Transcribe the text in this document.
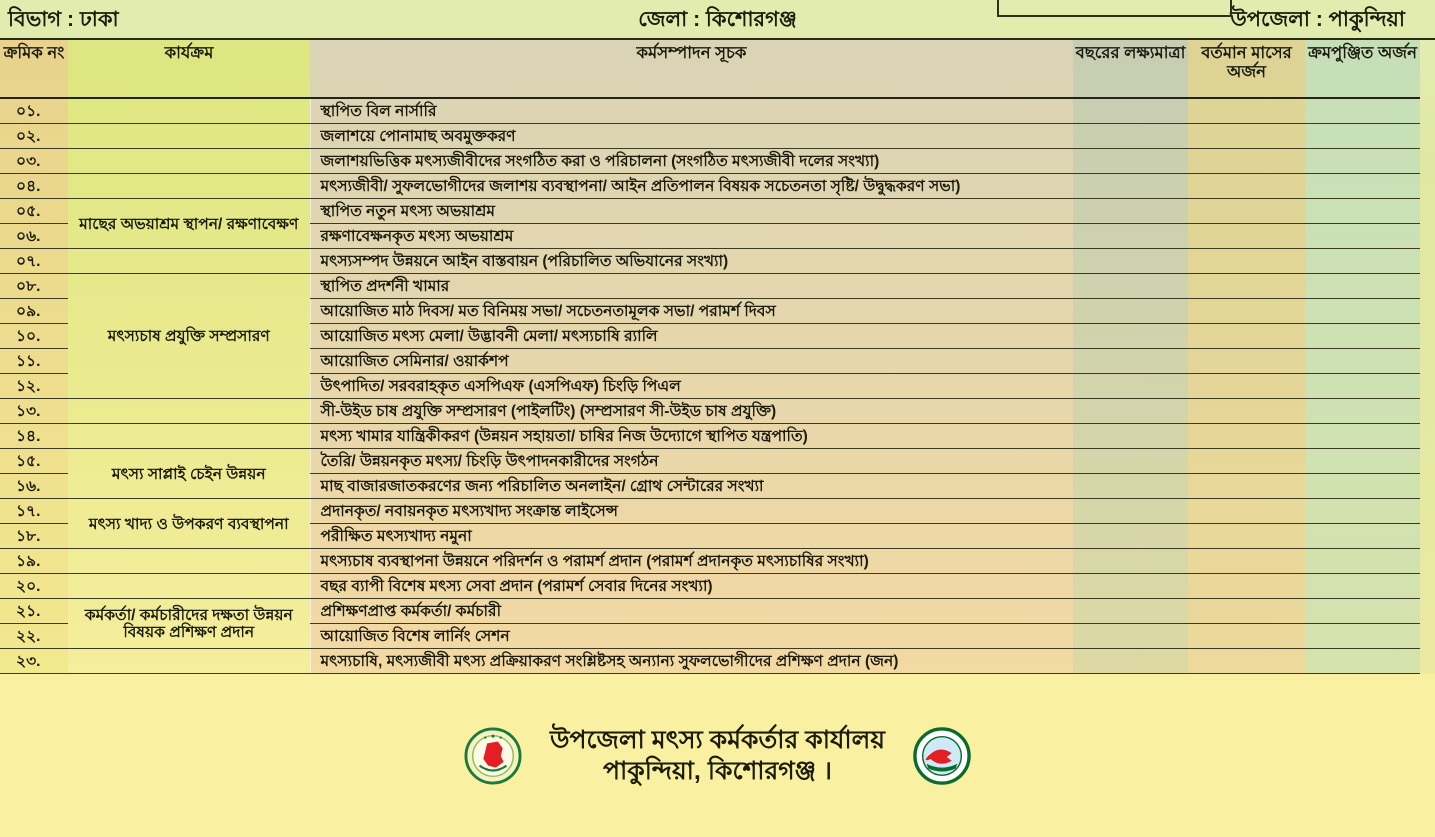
বিভাগ : ঢাকা	জেলা : কিশোরগঞ্জ	উপজেলা : পাকুন্দিয়া
ক্রমিক নং	কার্যক্রম	কর্মসম্পাদন সূচক	বছরের লক্ষ্যমাত্রা	বর্তমান মাসের অর্জন	ক্রমপুঞ্জিত অর্জন
০১.		স্থাপিত বিল নার্সারি			
০২.		জলাশয়ে পোনামাছ অবমুক্তকরণ			
০৩.		জলাশয়ভিত্তিক মৎস্যজীবীদের সংগঠিত করা ও পরিচালনা (সংগঠিত মৎস্যজীবী দলের সংখ্যা)			
০৪.		মৎস্যজীবী/ সুফলভোগীদের জলাশয় ব্যবস্থাপনা/ আইন প্রতিপালন বিষয়ক সচেতনতা সৃষ্টি/ উদ্বুদ্ধকরণ সভা)			
০৫.	মাছের অভয়াশ্রম স্থাপন/ রক্ষণাবেক্ষণ	স্থাপিত নতুন মৎস্য অভয়াশ্রম			
০৬.		রক্ষণাবেক্ষনকৃত মৎস্য অভয়াশ্রম			
০৭.		মৎস্যসম্পদ উন্নয়নে আইন বাস্তবায়ন (পরিচালিত অভিযানের সংখ্যা)			
০৮.	মৎস্যচাষ প্রযুক্তি সম্প্রসারণ	স্থাপিত প্রদর্শনী খামার			
০৯.		আয়োজিত মাঠ দিবস/ মত বিনিময় সভা/ সচেতনতামূলক সভা/ পরামর্শ দিবস			
১০.		আয়োজিত মৎস্য মেলা/ উদ্ভাবনী মেলা/ মৎস্যচাষি র‍্যালি			
১১.		আয়োজিত সেমিনার/ ওয়ার্কশপ			
১২.		উৎপাদিত/ সরবরাহকৃত এসপিএফ (এসপিএফ) চিংড়ি পিএল			
১৩.		সী-উইড চাষ প্রযুক্তি সম্প্রসারণ (পাইলটিং) (সম্প্রসারণ সী-উইড চাষ প্রযুক্তি)			
১৪.		মৎস্য খামার যান্ত্রিকীকরণ (উন্নয়ন সহায়তা/ চাষির নিজ উদ্যোগে স্থাপিত যন্ত্রপাতি)			
১৫.	মৎস্য সাপ্লাই চেইন উন্নয়ন	তৈরি/ উন্নয়নকৃত মৎস্য/ চিংড়ি উৎপাদনকারীদের সংগঠন			
১৬.		মাছ বাজারজাতকরণের জন্য পরিচালিত অনলাইন/ গ্রোথ সেন্টারের সংখ্যা			
১৭.	মৎস্য খাদ্য ও উপকরণ ব্যবস্থাপনা	প্রদানকৃত/ নবায়নকৃত মৎস্যখাদ্য সংক্রান্ত লাইসেন্স			
১৮.		পরীক্ষিত মৎস্যখাদ্য নমুনা			
১৯.		মৎস্যচাষ ব্যবস্থাপনা উন্নয়নে পরিদর্শন ও পরামর্শ প্রদান (পরামর্শ প্রদানকৃত মৎস্যচাষির সংখ্যা)			
২০.		বছর ব্যাপী বিশেষ মৎস্য সেবা প্রদান (পরামর্শ সেবার দিনের সংখ্যা)			
২১.	কর্মকর্তা/ কর্মচারীদের দক্ষতা উন্নয়ন বিষয়ক প্রশিক্ষণ প্রদান	প্রশিক্ষণপ্রাপ্ত কর্মকর্তা/ কর্মচারী			
২২.		আয়োজিত বিশেষ লার্নিং সেশন			
২৩.		মৎস্যচাষি, মৎস্যজীবী মৎস্য প্রক্রিয়াকরণ সংশ্লিষ্টসহ অন্যান্য সুফলভোগীদের প্রশিক্ষণ প্রদান (জন)			
উপজেলা মৎস্য কর্মকর্তার কার্যালয়
পাকুন্দিয়া, কিশোরগঞ্জ ।
